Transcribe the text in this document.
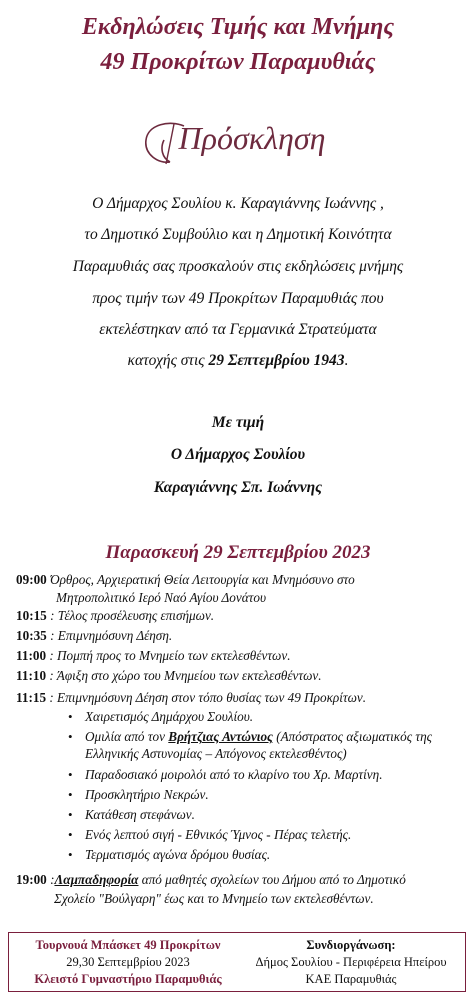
Εκδηλώσεις Τιμής και Μνήμης
49 Προκρίτων Παραμυθιάς
Πρόσκληση
Ο Δήμαρχος Σουλίου κ. Καραγιάννης Ιωάννης ,
το Δημοτικό Συμβούλιο και η Δημοτική Κοινότητα
Παραμυθιάς σας προσκαλούν στις εκδηλώσεις μνήμης
προς τιμήν των 49 Προκρίτων Παραμυθιάς που
εκτελέστηκαν από τα Γερμανικά Στρατεύματα
κατοχής στις 29 Σεπτεμβρίου 1943.
Με τιμή
Ο Δήμαρχος Σουλίου
Καραγιάννης Σπ. Ιωάννης
Παρασκευή 29 Σεπτεμβρίου 2023
09:00 Όρθρος, Αρχιερατική Θεία Λειτουργία και Μνημόσυνο στο
Μητροπολιτικό Ιερό Ναό Αγίου Δονάτου
10:15 : Τέλος προσέλευσης επισήμων.
10:35 : Επιμνημόσυνη Δέηση.
11:00 : Πομπή προς το Μνημείο των εκτελεσθέντων.
11:10 : Άφιξη στο χώρο του Μνημείου των εκτελεσθέντων.
11:15 : Επιμνημόσυνη Δέηση στον τόπο θυσίας των 49 Προκρίτων.
• Χαιρετισμός Δημάρχου Σουλίου.
• Ομιλία από τον Βρήτζιας Αντώνιος (Απόστρατος αξιωματικός της
Ελληνικής Αστυνομίας – Απόγονος εκτελεσθέντος)
• Παραδοσιακό μοιρολόι από το κλαρίνο του Χρ. Μαρτίνη.
• Προσκλητήριο Νεκρών.
• Κατάθεση στεφάνων.
• Ενός λεπτού σιγή - Εθνικός Ύμνος - Πέρας τελετής.
• Τερματισμός αγώνα δρόμου θυσίας.
19:00 :Λαμπαδηφορία από μαθητές σχολείων του Δήμου από το Δημοτικό
Σχολείο "Βούλγαρη" έως και το Μνημείο των εκτελεσθέντων.
Τουρνουά Μπάσκετ 49 Προκρίτων
29,30 Σεπτεμβρίου 2023
Κλειστό Γυμναστήριο Παραμυθιάς
Συνδιοργάνωση:
Δήμος Σουλίου - Περιφέρεια Ηπείρου
ΚΑΕ Παραμυθιάς
